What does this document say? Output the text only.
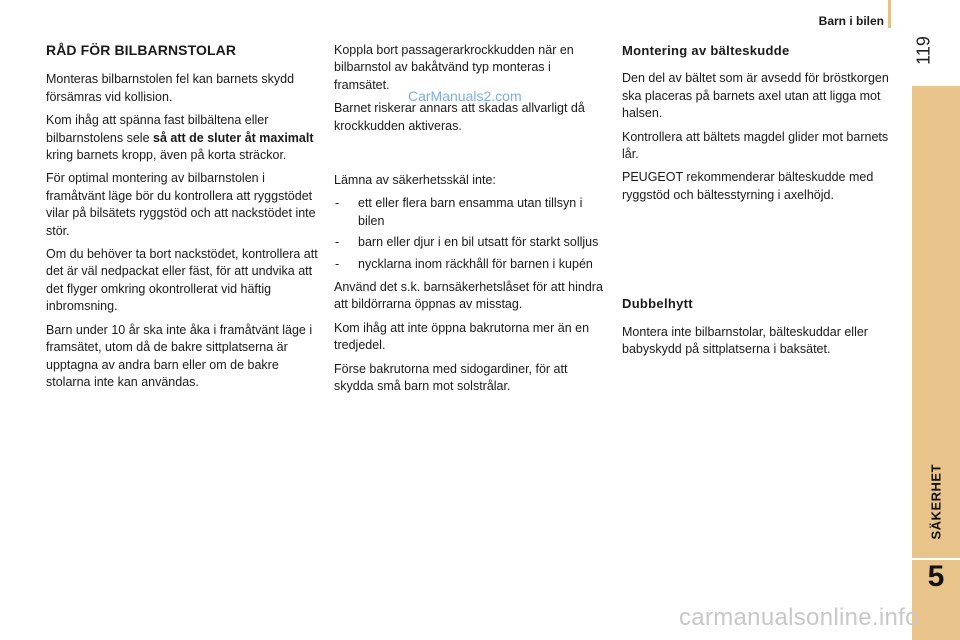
Barn i bilen
119
SÄKERHET
5
RÅD FÖR BILBARNSTOLAR

Monteras bilbarnstolen fel kan barnets skydd försämras vid kollision.

Kom ihåg att spänna fast bilbältena eller bilbarnstolens sele så att de sluter åt maximalt kring barnets kropp, även på korta sträckor.

För optimal montering av bilbarnstolen i framåtvänt läge bör du kontrollera att ryggstödet vilar på bilsätets ryggstöd och att nackstödet inte stör.

Om du behöver ta bort nackstödet, kontrollera att det är väl nedpackat eller fäst, för att undvika att det flyger omkring okontrollerat vid häftig inbromsning.

Barn under 10 år ska inte åka i framåtvänt läge i framsätet, utom då de bakre sittplatserna är upptagna av andra barn eller om de bakre stolarna inte kan användas.

Koppla bort passagerarkrockkudden när en bilbarnstol av bakåtvänd typ monteras i framsätet.

Barnet riskerar annars att skadas allvarligt då krockkudden aktiveras.

Lämna av säkerhetsskäl inte:

- ett eller flera barn ensamma utan tillsyn i bilen
- barn eller djur i en bil utsatt för starkt solljus
- nycklarna inom räckhåll för barnen i kupén

Använd det s.k. barnsäkerhetslåset för att hindra att bildörrarna öppnas av misstag.

Kom ihåg att inte öppna bakrutorna mer än en tredjedel.

Förse bakrutorna med sidogardiner, för att skydda små barn mot solstrålar.

Montering av bälteskudde

Den del av bältet som är avsedd för bröstkorgen ska placeras på barnets axel utan att ligga mot halsen.

Kontrollera att bältets magdel glider mot barnets lår.

PEUGEOT rekommenderar bälteskudde med ryggstöd och bältesstyrning i axelhöjd.

Dubbelhytt

Montera inte bilbarnstolar, bälteskuddar eller babyskydd på sittplatserna i baksätet.

CarManuals2.com
carmanualsonline.info
